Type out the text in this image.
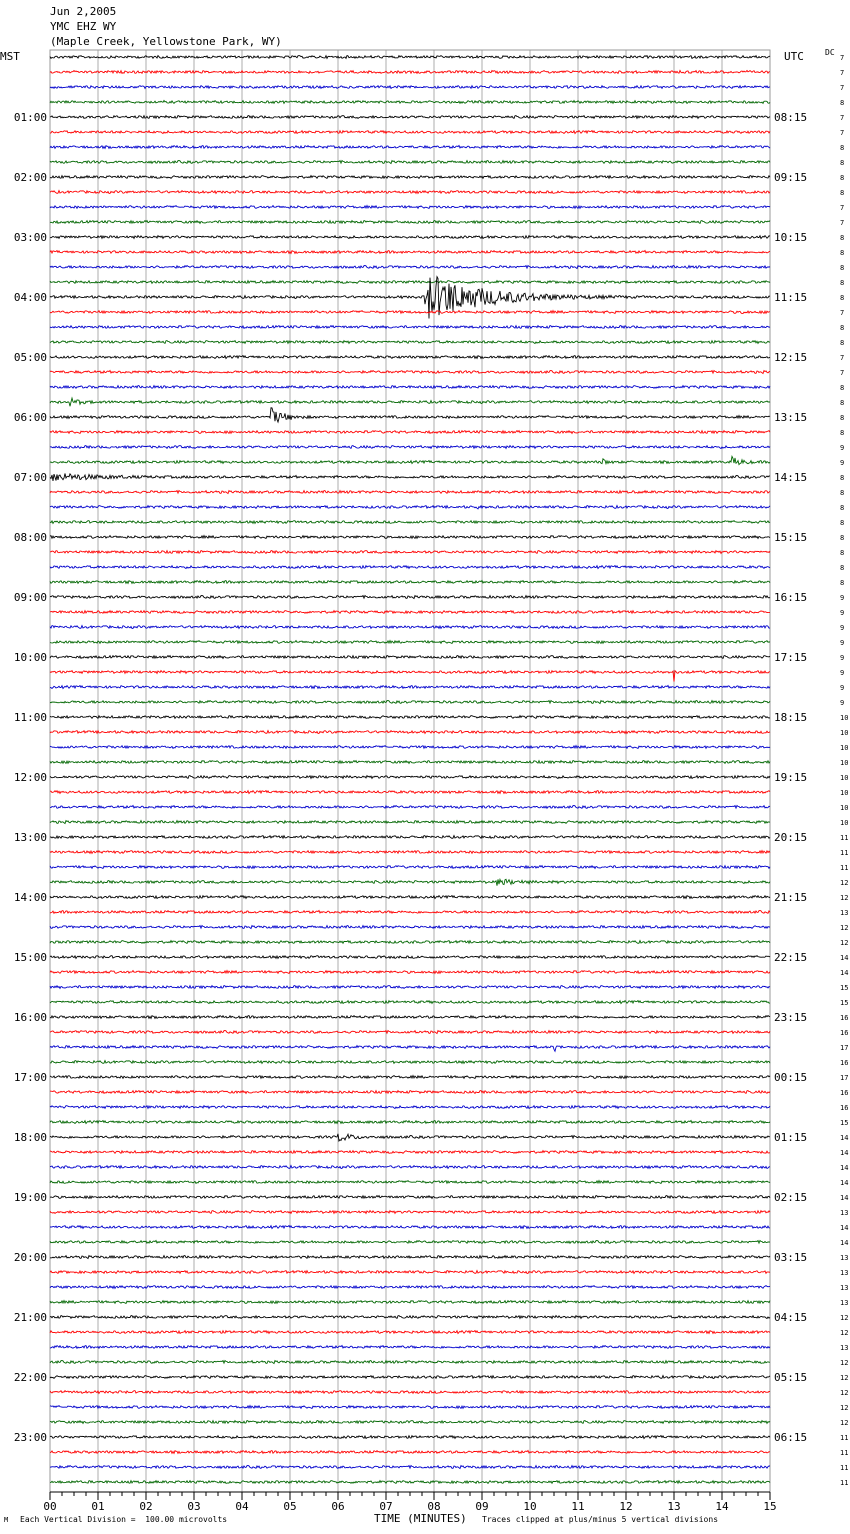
Jun 2,2005
YMC EHZ WY
(Maple Creek, Yellowstone Park, WY)
MST	UTC	DC
00	01	02	03	04	05	06	07	08	09	10	11	12	13	14	15
7
7
7
8
7
7
8
8
8
8
7
7
8
8
8
8
8
7
8
8
7
7
8
8
8
8
9
9
8
8
8
8
8
8
8
8
9
9
9
9
9
9
9
9
10
10
10
10
10
10
10
10
11
11
11
12
12
13
12
12
14
14
15
15
16
16
17
16
17
16
16
15
14
14
14
14
14
13
14
14
13
13
13
13
12
12
13
12
12
12
12
12
11
11
11
11
01:00	08:15
02:00	09:15
03:00	10:15
04:00	11:15
05:00	12:15
06:00	13:15
07:00	14:15
08:00	15:15
09:00	16:15
10:00	17:15
11:00	18:15
12:00	19:15
13:00	20:15
14:00	21:15
15:00	22:15
16:00	23:15
17:00	00:15
18:00	01:15
19:00	02:15
20:00	03:15
21:00	04:15
22:00	05:15
23:00	06:15
M Each Vertical Division =  100.00 microvolts	TIME (MINUTES) Traces clipped at plus/minus 5 vertical divisions
